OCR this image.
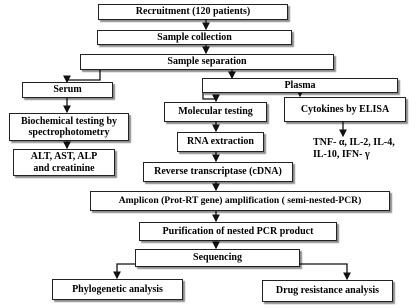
Recruitment (120 patients)
Sample collection
Sample separation
Serum	Plasma
Biochemical testing by
spectrophotometry
ALT, AST, ALP
and creatinine
Molecular testing
RNA extraction
Reverse transcriptase (cDNA)
Cytokines by ELISA
TNF- α, IL-2, IL-4,
IL-10, IFN- γ
Amplicon (Prot-RT gene) amplification ( semi-nested-PCR)
Purification of nested PCR product
Sequencing
Phylogenetic analysis	Drug resistance analysis
